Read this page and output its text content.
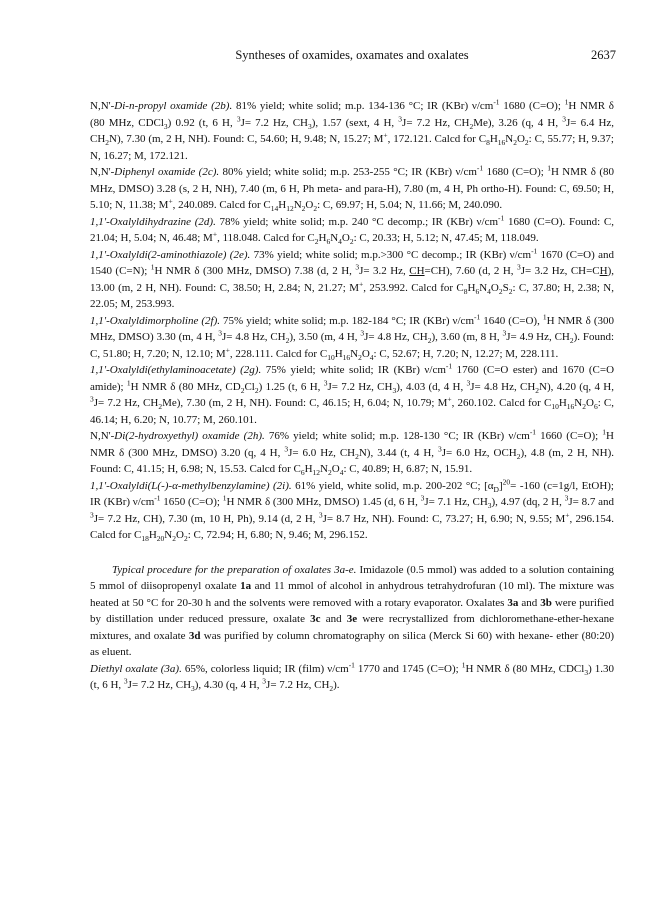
Syntheses of oxamides, oxamates and oxalates	2637

N,N'-Di-n-propyl oxamide (2b). 81% yield; white solid; m.p. 134-136 °C; IR (KBr) $\nu/cm^{-1}$ 1680 (C=O); $^1$H NMR δ (80 MHz, CDCl$_3$) 0.92 (t, 6 H, $^3$J= 7.2 Hz, $CH_3$), 1.57 (sext, 4 H, $^3$J= 7.2 Hz, $CH_2Me$), 3.26 (q, 4 H, $^3$J= 6.4 Hz, $CH_2N$), 7.30 (m, 2 H, NH). Found: C, 54.60; H, 9.48; N, 15.27; M+, 172.121. Calcd for $C_8H_{16}N_2O_2$: C, 55.77; H, 9.37; N, 16.27; M, 172.121.

N,N'-Diphenyl oxamide (2c). 80% yield; white solid; m.p. 253-255 °C; IR (KBr) $\nu/cm^{-1}$ 1680 (C=O); $^1$H NMR δ (80 MHz, DMSO) 3.28 (s, 2 H, NH), 7.40 (m, 6 H, Ph meta- and para-H), 7.80 (m, 4 H, Ph ortho-H). Found: C, 69.50; H, 5.10; N, 11.38; M+, 240.089. Calcd for $C_{14}H_{12}N_2O_2$: C, 69.97; H, 5.04; N, 11.66; M, 240.090.

1,1'-Oxalyldihydrazine (2d). 78% yield; white solid; m.p. 240 °C decomp.; IR (KBr) $\nu/cm^{-1}$ 1680 (C=O). Found: C, 21.04; H, 5.04; N, 46.48; M+, 118.048. Calcd for $C_2H_6N_4O_2$: C, 20.33; H, 5.12; N, 47.45; M, 118.049.

1,1'-Oxalyldi(2-aminothiazole) (2e). 73% yield; white solid; m.p.>300 °C decomp.; IR (KBr) $\nu/cm^{-1}$ 1670 (C=O) and 1540 (C=N); $^1$H NMR δ (300 MHz, DMSO) 7.38 (d, 2 H, $^3$J= 3.2 Hz, CH=CH), 7.60 (d, 2 H, $^3$J= 3.2 Hz, CH=CH), 13.00 (m, 2 H, NH). Found: C, 38.50; H, 2.84; N, 21.27; M+, 253.992. Calcd for $C_8H_6N_4O_2S_2$: C, 37.80; H, 2.38; N, 22.05; M, 253.993.

1,1'-Oxalyldimorpholine (2f). 75% yield; white solid; m.p. 182-184 °C; IR (KBr) $\nu/cm^{-1}$ 1640 (C=O), $^1$H NMR δ (300 MHz, DMSO) 3.30 (m, 4 H, $^3$J= 4.8 Hz, $CH_2$), 3.50 (m, 4 H, $^3$J= 4.8 Hz, $CH_2$), 3.60 (m, 8 H, $^3$J= 4.9 Hz, $CH_2$). Found: C, 51.80; H, 7.20; N, 12.10; M+, 228.111. Calcd for $C_{10}H_{16}N_2O_4$: C, 52.67; H, 7.20; N, 12.27; M, 228.111.

1,1'-Oxalyldi(ethylaminoacetate) (2g). 75% yield; white solid; IR (KBr) $\nu/cm^{-1}$ 1760 (C=O ester) and 1670 (C=O amide); $^1$H NMR δ (80 MHz, $CD_2Cl_2$) 1.25 (t, 6 H, $^3$J= 7.2 Hz, $CH_3$), 4.03 (d, 4 H, $^3$J= 4.8 Hz, $CH_2N$), 4.20 (q, 4 H, $^3$J= 7.2 Hz, $CH_2Me$), 7.30 (m, 2 H, NH). Found: C, 46.15; H, 6.04; N, 10.79; M+, 260.102. Calcd for $C_{10}H_{16}N_2O_6$: C, 46.14; H, 6.20; N, 10.77; M, 260.101.

N,N'-Di(2-hydroxyethyl) oxamide (2h). 76% yield; white solid; m.p. 128-130 °C; IR (KBr) $\nu/cm^{-1}$ 1660 (C=O); $^1$H NMR δ (300 MHz, DMSO) 3.20 (q, 4 H, $^3$J= 6.0 Hz, $CH_2N$), 3.44 (t, 4 H, $^3$J= 6.0 Hz, $OCH_2$), 4.8 (m, 2 H, NH). Found: C, 41.15; H, 6.98; N, 15.53. Calcd for $C_6H_{12}N_2O_4$: C, 40.89; H, 6.87; N, 15.91.

1,1'-Oxalyldi(L(-)-α-methylbenzylamine) (2i). 61% yield, white solid, m.p. 200-202 °C; $[\alpha_D]^{20}= -160$ (c=1g/l, EtOH); IR (KBr) $\nu/cm^{-1}$ 1650 (C=O); $^1$H NMR δ (300 MHz, DMSO) 1.45 (d, 6 H, $^3$J= 7.1 Hz, $CH_3$), 4.97 (dq, 2 H, $^3$J= 8.7 and $^3$J= 7.2 Hz, CH), 7.30 (m, 10 H, Ph), 9.14 (d, 2 H, $^3$J= 8.7 Hz, NH). Found: C, 73.27; H, 6.90; N, 9.55; M+, 296.154. Calcd for $C_{18}H_{20}N_2O_2$: C, 72.94; H, 6.80; N, 9.46; M, 296.152.

Typical procedure for the preparation of oxalates 3a-e. Imidazole (0.5 mmol) was added to a solution containing 5 mmol of diisopropenyl oxalate 1a and 11 mmol of alcohol in anhydrous tetrahydrofuran (10 ml). The mixture was heated at 50 °C for 20-30 h and the solvents were removed with a rotary evaporator. Oxalates 3a and 3b were purified by distillation under reduced pressure, oxalate 3c and 3e were recrystallized from dichloromethane-ether-hexane mixtures, and oxalate 3d was purified by column chromatography on silica (Merck Si 60) with hexane- ether (80:20) as eluent.

Diethyl oxalate (3a). 65%, colorless liquid; IR (film) $\nu/cm^{-1}$ 1770 and 1745 (C=O); $^1$H NMR δ (80 MHz, CDCl$_3$) 1.30 (t, 6 H, $^3$J= 7.2 Hz, $CH_3$), 4.30 (q, 4 H, $^3$J= 7.2 Hz, $CH_2$).
